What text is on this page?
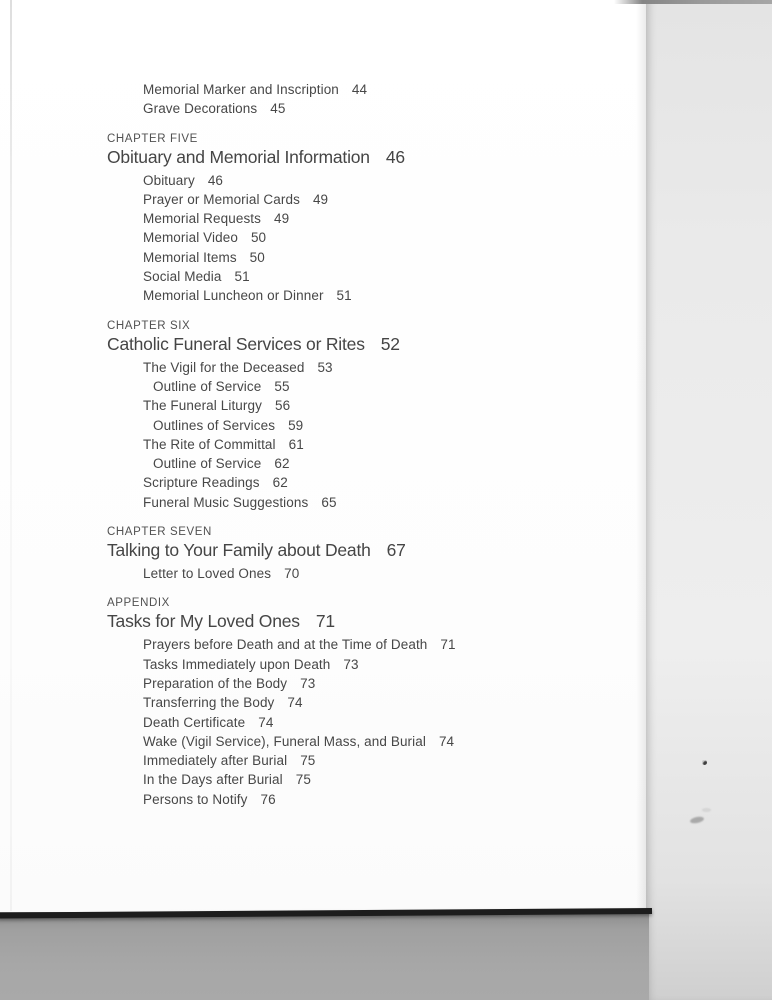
Memorial Marker and Inscription 44
Grave Decorations 45
CHAPTER FIVE
Obituary and Memorial Information 46
Obituary 46
Prayer or Memorial Cards 49
Memorial Requests 49
Memorial Video 50
Memorial Items 50
Social Media 51
Memorial Luncheon or Dinner 51
CHAPTER SIX
Catholic Funeral Services or Rites 52
The Vigil for the Deceased 53
Outline of Service 55
The Funeral Liturgy 56
Outlines of Services 59
The Rite of Committal 61
Outline of Service 62
Scripture Readings 62
Funeral Music Suggestions 65
CHAPTER SEVEN
Talking to Your Family about Death 67
Letter to Loved Ones 70
APPENDIX
Tasks for My Loved Ones 71
Prayers before Death and at the Time of Death 71
Tasks Immediately upon Death 73
Preparation of the Body 73
Transferring the Body 74
Death Certificate 74
Wake (Vigil Service), Funeral Mass, and Burial 74
Immediately after Burial 75
In the Days after Burial 75
Persons to Notify 76
